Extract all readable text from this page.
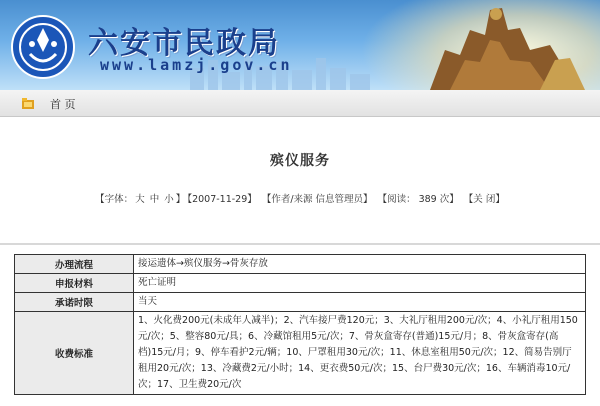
六安市民政局
www.lamzj.gov.cn
首 页
殡仪服务
【字体： 大 中 小 】 【2007-11-29】 【作者/来源 信息管理员】 【阅读： 389 次】 【关 闭】
办理流程	接运遗体→殡仪服务→骨灰存放
申报材料	死亡证明
承诺时限	当天
收费标准	1、火化费200元(未成年人减半)；2、汽车接尸费120元；3、大礼厅租用200元/次；4、小礼厅租用150元/次；5、整容80元/具；6、冷藏馆租用5元/次；7、骨灰盒寄存(普通)15元/月；8、骨灰盒寄存(高档)15元/月；9、停车看护2元/辆；10、尸罩租用30元/次；11、休息室租用50元/次；12、简易告别厅租用20元/次；13、冷藏费2元/小时；14、更衣费50元/次；15、台尸费30元/次；16、车辆消毒10元/次；17、卫生费20元/次
